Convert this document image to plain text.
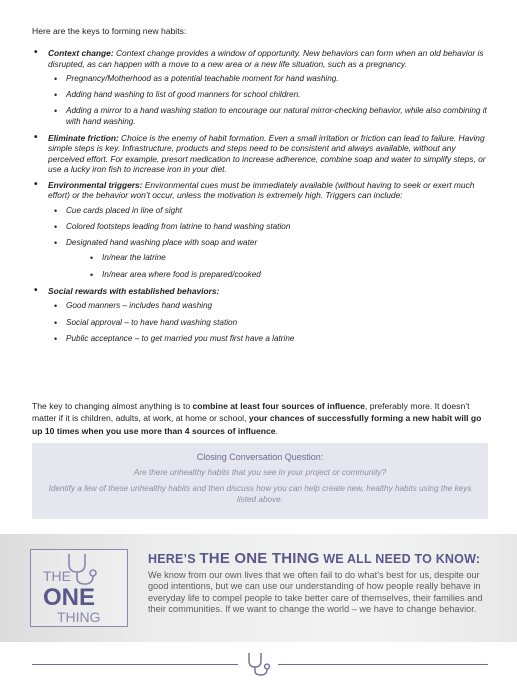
Here are the keys to forming new habits:

• Context change: Context change provides a window of opportunity. New behaviors can form when an old behavior is disrupted, as can happen with a move to a new area or a new life situation, such as a pregnancy.
• Pregnancy/Motherhood as a potential teachable moment for hand washing.
• Adding hand washing to list of good manners for school children.
• Adding a mirror to a hand washing station to encourage our natural mirror-checking behavior, while also combining it with hand washing.
• Eliminate friction: Choice is the enemy of habit formation. Even a small irritation or friction can lead to failure. Having simple steps is key. Infrastructure, products and steps need to be consistent and always available, without any perceived effort. For example, presort medication to increase adherence, combine soap and water to simplify steps, or use a lucky iron fish to increase iron in your diet.
• Environmental triggers: Environmental cues must be immediately available (without having to seek or exert much effort) or the behavior won’t occur, unless the motivation is extremely high. Triggers can include:
• Cue cards placed in line of sight
• Colored footsteps leading from latrine to hand washing station
• Designated hand washing place with soap and water
• In/near the latrine
• In/near area where food is prepared/cooked
• Social rewards with established behaviors:
• Good manners – includes hand washing
• Social approval – to have hand washing station
• Public acceptance – to get married you must first have a latrine

The key to changing almost anything is to combine at least four sources of influence, preferably more. It doesn’t matter if it is children, adults, at work, at home or school, your chances of successfully forming a new habit will go up 10 times when you use more than 4 sources of influence.

Closing Conversation Question:
Are there unhealthy habits that you see in your project or community?
Identify a few of these unhealthy habits and then discuss how you can help create new, healthy habits using the keys listed above.
THE
ONE
THING
HERE’S THE ONE THING WE ALL NEED TO KNOW:
We know from our own lives that we often fail to do what’s best for us, despite our good intentions, but we can use our understanding of how people really behave in everyday life to compel people to take better care of themselves, their families and their communities. If we want to change the world – we have to change behavior.
